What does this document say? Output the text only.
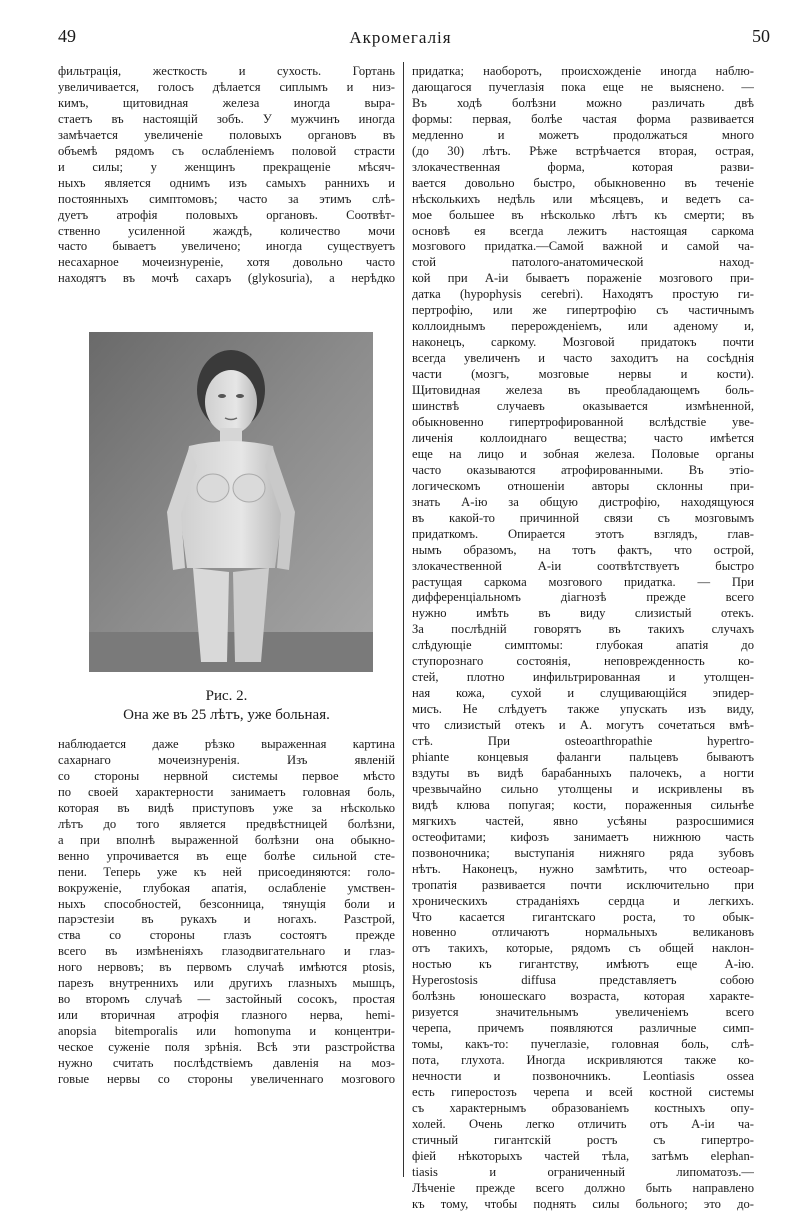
49	Акромегалія	50
фильтрація, жесткость и сухость. Гортань
увеличивается, голосъ дѣлается сиплымъ и низ-
кимъ, щитовидная железа иногда выра-
стаетъ въ настоящій зобъ. У мужчинъ иногда
замѣчается увеличеніе половыхъ органовъ въ
объемѣ рядомъ съ ослабленіемъ половой страсти
и силы; у женщинъ прекращеніе мѣсяч-
ныхъ является однимъ изъ самыхъ раннихъ и
постоянныхъ симптомовъ; часто за этимъ слѣ-
дуетъ атрофія половыхъ органовъ. Соотвѣт-
ственно усиленной жаждѣ, количество мочи
часто бываетъ увеличено; иногда существуетъ
несахарное мочеизнуреніе, хотя довольно часто
находятъ въ мочѣ сахаръ (glykosuria), а нерѣдко
Рис. 2.
Она же въ 25 лѣтъ, уже больная.
наблюдается даже рѣзко выраженная картина
сахарнаго мочеизнуренія. Изъ явленій
со стороны нервной системы первое мѣсто
по своей характерности занимаетъ головная боль,
которая въ видѣ приступовъ уже за нѣсколько
лѣтъ до того является предвѣстницей болѣзни,
а при вполнѣ выраженной болѣзни она обыкно-
венно упрочивается въ еще болѣе сильной сте-
пени. Теперь уже къ ней присоединяются: голо-
вокруженіе, глубокая апатія, ослабленіе умствен-
ныхъ способностей, безсонница, тянущія боли и
парэстезіи въ рукахъ и ногахъ. Разстрой,
ства со стороны глазъ состоятъ прежде
всего въ измѣненіяхъ глазодвигательнаго и глаз-
ного нервовъ; въ первомъ случаѣ имѣются ptosis,
парезъ внутреннихъ или другихъ глазныхъ мышцъ,
во второмъ случаѣ — застойный сосокъ, простая
или вторичная атрофія глазного нерва, hemi-
anopsia bitemporalis или homonyma и концентри-
ческое суженіе поля зрѣнія. Всѣ эти разстройства
нужно считать послѣдствіемъ давленія на моз-
говые нервы со стороны увеличеннаго мозгового
придатка; наоборотъ, происхожденіе иногда наблю-
дающагося пучеглазія пока еще не выяснено. —
Въ ходѣ болѣзни можно различать двѣ
формы: первая, болѣе частая форма развивается
медленно и можетъ продолжаться много
(до 30) лѣтъ. Рѣже встрѣчается вторая, острая,
злокачественная форма, которая разви-
вается довольно быстро, обыкновенно въ теченіе
нѣсколькихъ недѣль или мѣсяцевъ, и ведетъ са-
мое большее въ нѣсколько лѣтъ къ смерти; въ
основѣ ея всегда лежитъ настоящая саркома
мозгового придатка.—Самой важной и самой ча-
стой патолого-анатомической наход-
кой при А-іи бываетъ пораженіе мозгового при-
датка (hypophysis cerebri). Находятъ простую ги-
пертрофію, или же гипертрофію съ частичнымъ
коллоиднымъ перерожденіемъ, или аденому и,
наконецъ, саркому. Мозговой придатокъ почти
всегда увеличенъ и часто заходитъ на сосѣднія
части (мозгъ, мозговые нервы и кости).
Щитовидная железа въ преобладающемъ боль-
шинствѣ случаевъ оказывается измѣненной,
обыкновенно гипертрофированной вслѣдствіе уве-
личенія коллоиднаго вещества; часто имѣется
еще на лицо и зобная железа. Половые органы
часто оказываются атрофированными. Въ этіо-
логическомъ отношеніи авторы склонны при-
знать А-ію за общую дистрофію, находящуюся
въ какой-то причинной связи съ мозговымъ
придаткомъ. Опирается этотъ взглядъ, глав-
нымъ образомъ, на тотъ фактъ, что острой,
злокачественной А-іи соотвѣтствуетъ быстро
растущая саркома мозгового придатка. — При
дифференціальномъ діагнозѣ прежде всего
нужно имѣть въ виду слизистый отекъ.
За послѣдній говорятъ въ такихъ случахъ
слѣдующіе симптомы: глубокая апатія до
ступорознаго состоянія, неповрежденность ко-
стей, плотно инфильтрированная и утолщен-
ная кожа, сухой и слущивающійся эпидер-
мисъ. Не слѣдуетъ также упускать изъ виду,
что слизистый отекъ и А. могутъ сочетаться вмѣ-
стѣ. При osteoarthropathie hypertro-
phiante концевыя фаланги пальцевъ бываютъ
вздуты въ видѣ барабанныхъ палочекъ, а ногти
чрезвычайно сильно утолщены и искривлены въ
видѣ клюва попугая; кости, пораженныя сильнѣе
мягкихъ частей, явно усѣяны разросшимися
остеофитами; кифозъ занимаетъ нижнюю часть
позвоночника; выступанія нижняго ряда зубовъ
нѣтъ. Наконецъ, нужно замѣтить, что остеоар-
тропатія развивается почти исключительно при
хроническихъ страданіяхъ сердца и легкихъ.
Что касается гигантскаго роста, то обык-
новенно отличаютъ нормальныхъ великановъ
отъ такихъ, которые, рядомъ съ общей наклон-
ностью къ гигантству, имѣютъ еще А-ію.
Hyperostosis diffusa представляетъ собою
болѣзнь юношескаго возраста, которая характе-
ризуется значительнымъ увеличеніемъ всего
черепа, причемъ появляются различные симп-
томы, какъ-то: пучеглазіе, головная боль, слѣ-
пота, глухота. Иногда искривляются также ко-
нечности и позвоночникъ. Leontiasis ossea
есть гиперостозъ черепа и всей костной системы
съ характернымъ образованіемъ костныхъ опу-
холей. Очень легко отличить отъ А-іи ча-
стичный гигантскій ростъ съ гипертро-
фіей нѣкоторыхъ частей тѣла, затѣмъ elephan-
tiasis и ограниченный липоматозъ.—
Лѣченіе прежде всего должно быть направлено
къ тому, чтобы поднять силы больного; это до-
